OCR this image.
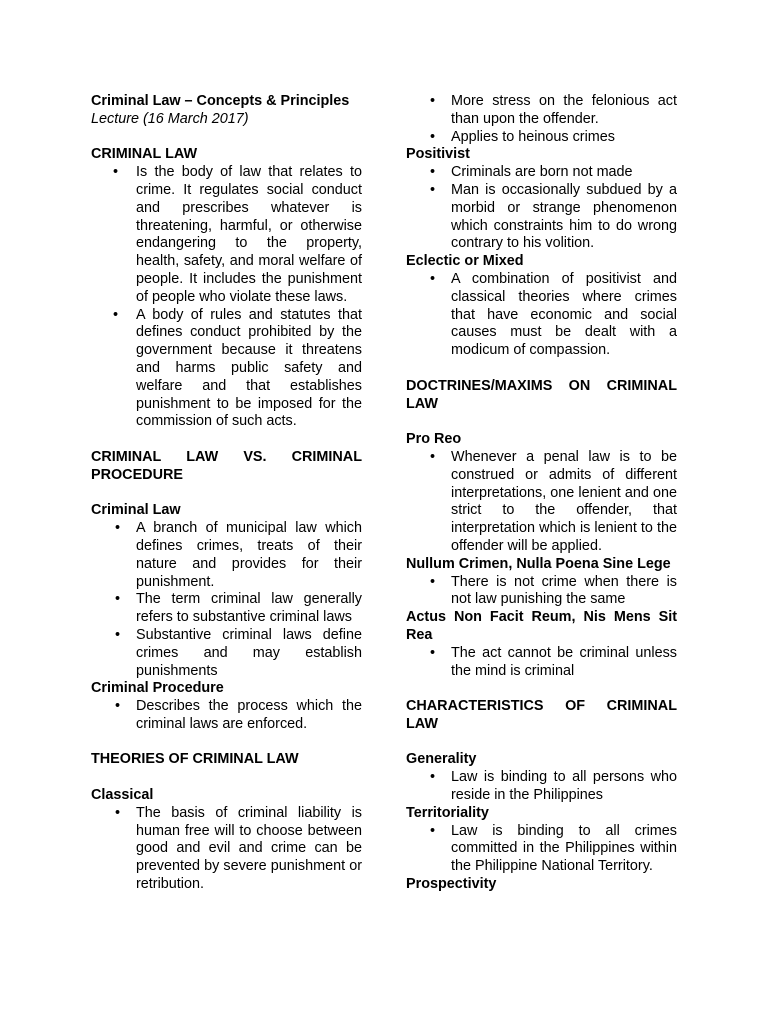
Criminal Law – Concepts & Principles
Lecture (16 March 2017)
CRIMINAL LAW
• Is the body of law that relates to crime. It regulates social conduct and prescribes whatever is threatening, harmful, or otherwise endangering to the property, health, safety, and moral welfare of people. It includes the punishment of people who violate these laws.
• A body of rules and statutes that defines conduct prohibited by the government because it threatens and harms public safety and welfare and that establishes punishment to be imposed for the commission of such acts.
CRIMINAL LAW VS. CRIMINAL PROCEDURE
Criminal Law
• A branch of municipal law which defines crimes, treats of their nature and provides for their punishment.
• The term criminal law generally refers to substantive criminal laws
• Substantive criminal laws define crimes and may establish punishments
Criminal Procedure
• Describes the process which the criminal laws are enforced.
THEORIES OF CRIMINAL LAW
Classical
• The basis of criminal liability is human free will to choose between good and evil and crime can be prevented by severe punishment or retribution.
• More stress on the felonious act than upon the offender.
• Applies to heinous crimes
Positivist
• Criminals are born not made
• Man is occasionally subdued by a morbid or strange phenomenon which constraints him to do wrong contrary to his volition.
Eclectic or Mixed
• A combination of positivist and classical theories where crimes that have economic and social causes must be dealt with a modicum of compassion.
DOCTRINES/MAXIMS ON CRIMINAL LAW
Pro Reo
• Whenever a penal law is to be construed or admits of different interpretations, one lenient and one strict to the offender, that interpretation which is lenient to the offender will be applied.
Nullum Crimen, Nulla Poena Sine Lege
• There is not crime when there is not law punishing the same
Actus Non Facit Reum, Nis Mens Sit Rea
• The act cannot be criminal unless the mind is criminal
CHARACTERISTICS OF CRIMINAL LAW
Generality
• Law is binding to all persons who reside in the Philippines
Territoriality
• Law is binding to all crimes committed in the Philippines within the Philippine National Territory.
Prospectivity
